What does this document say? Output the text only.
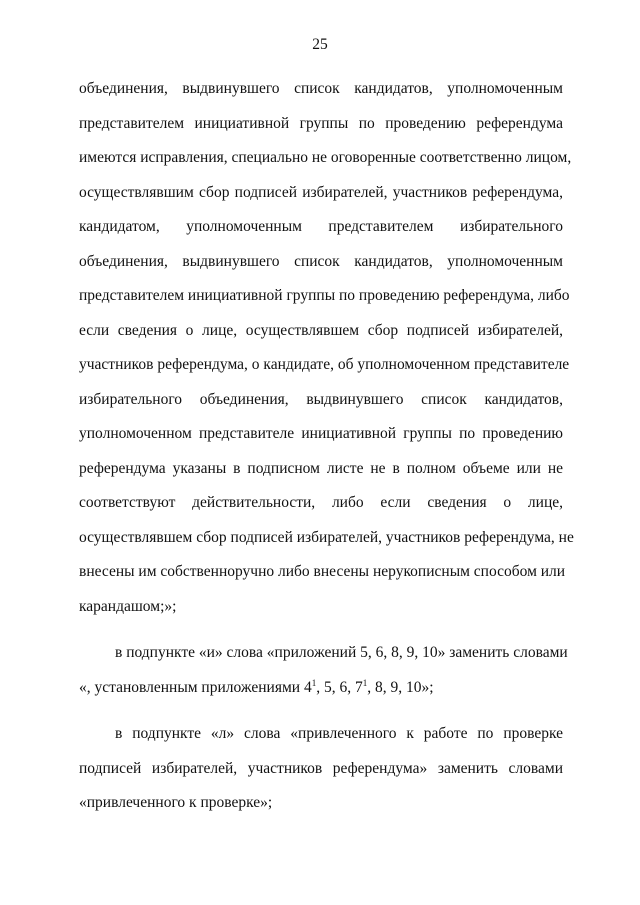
25
объединения, выдвинувшего список кандидатов, уполномоченным
представителем инициативной группы по проведению референдума
имеются исправления, специально не оговоренные соответственно лицом,
осуществлявшим сбор подписей избирателей, участников референдума,
кандидатом, уполномоченным представителем избирательного
объединения, выдвинувшего список кандидатов, уполномоченным
представителем инициативной группы по проведению референдума, либо
если сведения о лице, осуществлявшем сбор подписей избирателей,
участников референдума, о кандидате, об уполномоченном представителе
избирательного объединения, выдвинувшего список кандидатов,
уполномоченном представителе инициативной группы по проведению
референдума указаны в подписном листе не в полном объеме или не
соответствуют действительности, либо если сведения о лице,
осуществлявшем сбор подписей избирателей, участников референдума, не
внесены им собственноручно либо внесены нерукописным способом или
карандашом;»;
в подпунктe «и» слова «приложений 5, 6, 8, 9, 10» заменить словами
«, установленным приложениями $4^1$, 5, 6, $7^1$, 8, 9, 10»;
в подпункте «л» слова «привлеченного к работе по проверке
подписей избирателей, участников референдума» заменить словами
«привлеченного к проверке»;
